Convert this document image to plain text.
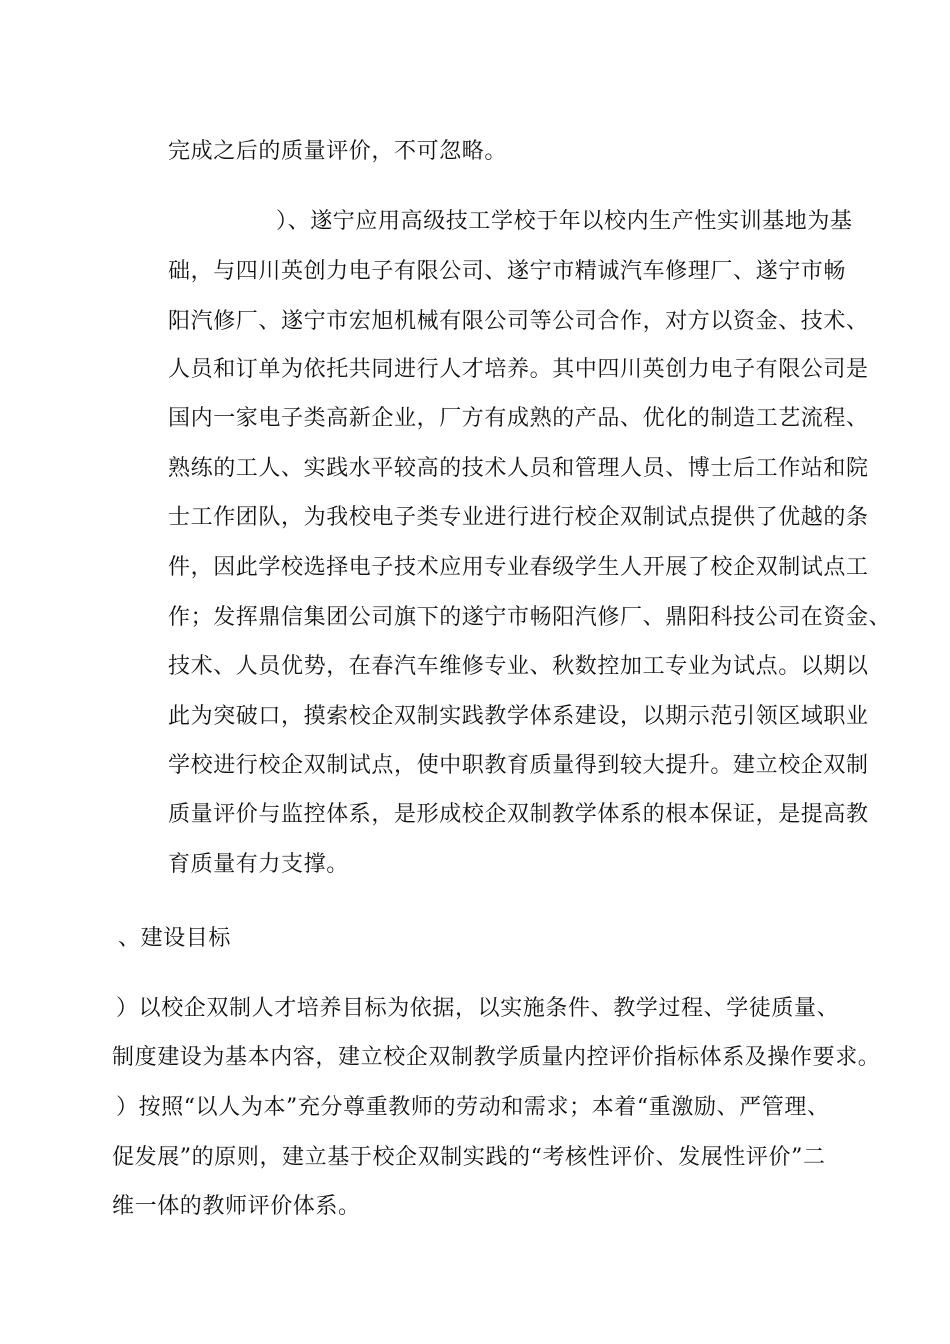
完成之后的质量评价，不可忽略。
）、遂宁应用高级技工学校于年以校内生产性实训基地为基
础，与四川英创力电子有限公司、遂宁市精诚汽车修理厂、遂宁市畅
阳汽修厂、遂宁市宏旭机械有限公司等公司合作，对方以资金、技术、
人员和订单为依托共同进行人才培养。其中四川英创力电子有限公司是
国内一家电子类高新企业，厂方有成熟的产品、优化的制造工艺流程、
熟练的工人、实践水平较高的技术人员和管理人员、博士后工作站和院
士工作团队，为我校电子类专业进行进行校企双制试点提供了优越的条
件，因此学校选择电子技术应用专业春级学生人开展了校企双制试点工
作；发挥鼎信集团公司旗下的遂宁市畅阳汽修厂、鼎阳科技公司在资金、
技术、人员优势，在春汽车维修专业、秋数控加工专业为试点。以期以
此为突破口，摸索校企双制实践教学体系建设，以期示范引领区域职业
学校进行校企双制试点，使中职教育质量得到较大提升。建立校企双制
质量评价与监控体系，是形成校企双制教学体系的根本保证，是提高教
育质量有力支撑。
、建设目标
）以校企双制人才培养目标为依据，以实施条件、教学过程、学徒质量、
制度建设为基本内容，建立校企双制教学质量内控评价指标体系及操作要求。
）按照“以人为本”充分尊重教师的劳动和需求；本着“重激励、严管理、
促发展”的原则，建立基于校企双制实践的“考核性评价、发展性评价”二
维一体的教师评价体系。
